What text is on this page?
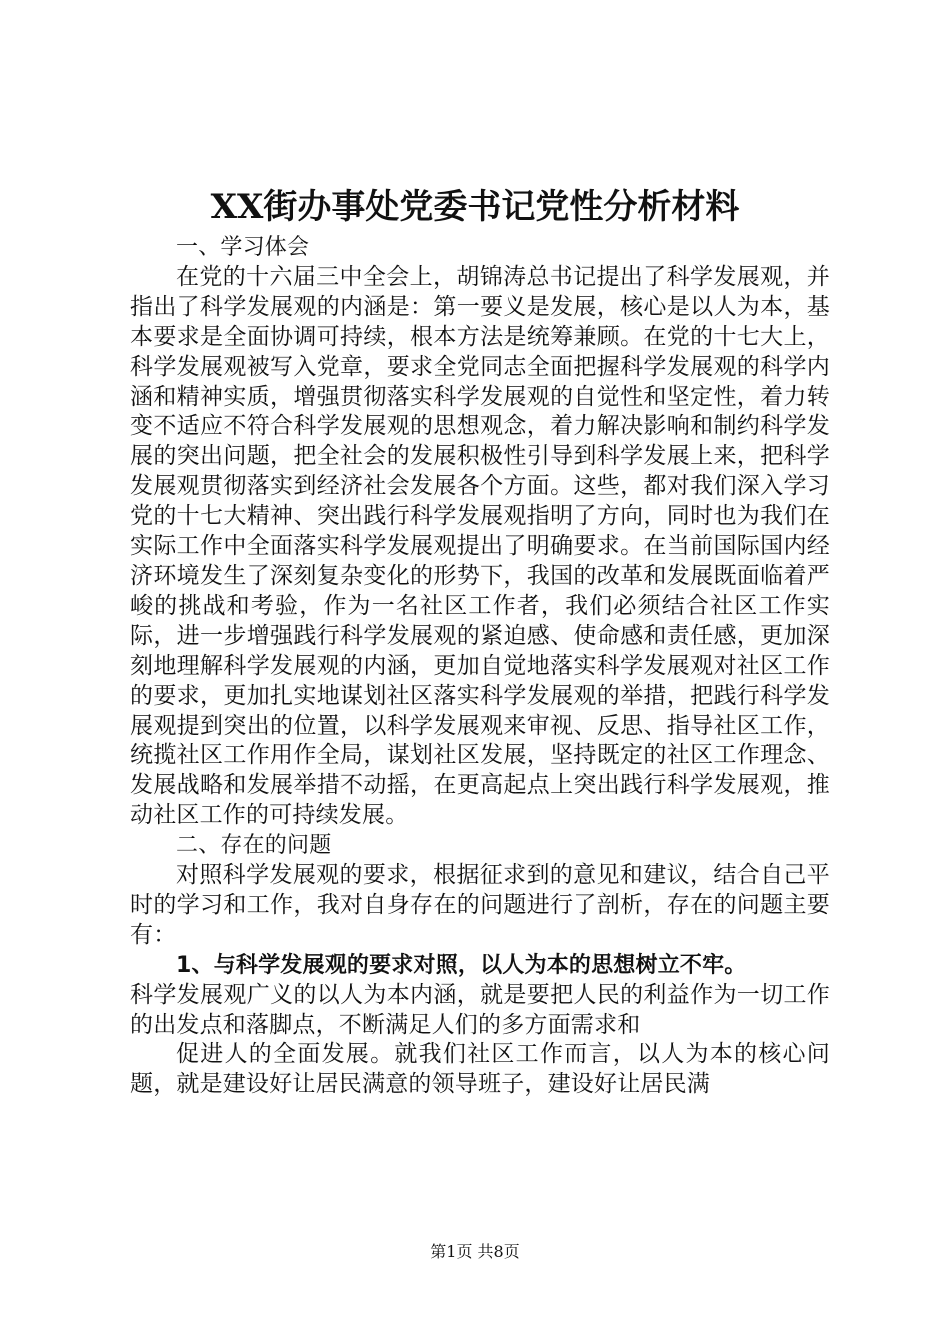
XX街办事处党委书记党性分析材料

一、学习体会

在党的十六届三中全会上，胡锦涛总书记提出了科学发展观，并指出了科学发展观的内涵是：第一要义是发展，核心是以人为本，基本要求是全面协调可持续，根本方法是统筹兼顾。在党的十七大上，科学发展观被写入党章，要求全党同志全面把握科学发展观的科学内涵和精神实质，增强贯彻落实科学发展观的自觉性和坚定性，着力转变不适应不符合科学发展观的思想观念，着力解决影响和制约科学发展的突出问题，把全社会的发展积极性引导到科学发展上来，把科学发展观贯彻落实到经济社会发展各个方面。这些，都对我们深入学习党的十七大精神、突出践行科学发展观指明了方向，同时也为我们在实际工作中全面落实科学发展观提出了明确要求。在当前国际国内经济环境发生了深刻复杂变化的形势下，我国的改革和发展既面临着严峻的挑战和考验，作为一名社区工作者，我们必须结合社区工作实际，进一步增强践行科学发展观的紧迫感、使命感和责任感，更加深刻地理解科学发展观的内涵，更加自觉地落实科学发展观对社区工作的要求，更加扎实地谋划社区落实科学发展观的举措，把践行科学发展观提到突出的位置，以科学发展观来审视、反思、指导社区工作，统揽社区工作用作全局，谋划社区发展，坚持既定的社区工作理念、发展战略和发展举措不动摇，在更高起点上突出践行科学发展观，推动社区工作的可持续发展。

二、存在的问题

对照科学发展观的要求，根据征求到的意见和建议，结合自己平时的学习和工作，我对自身存在的问题进行了剖析，存在的问题主要有：

1、与科学发展观的要求对照，以人为本的思想树立不牢。

科学发展观广义的以人为本内涵，就是要把人民的利益作为一切工作的出发点和落脚点，不断满足人们的多方面需求和

促进人的全面发展。就我们社区工作而言，以人为本的核心问题，就是建设好让居民满意的领导班子，建设好让居民满

第1页 共8页
